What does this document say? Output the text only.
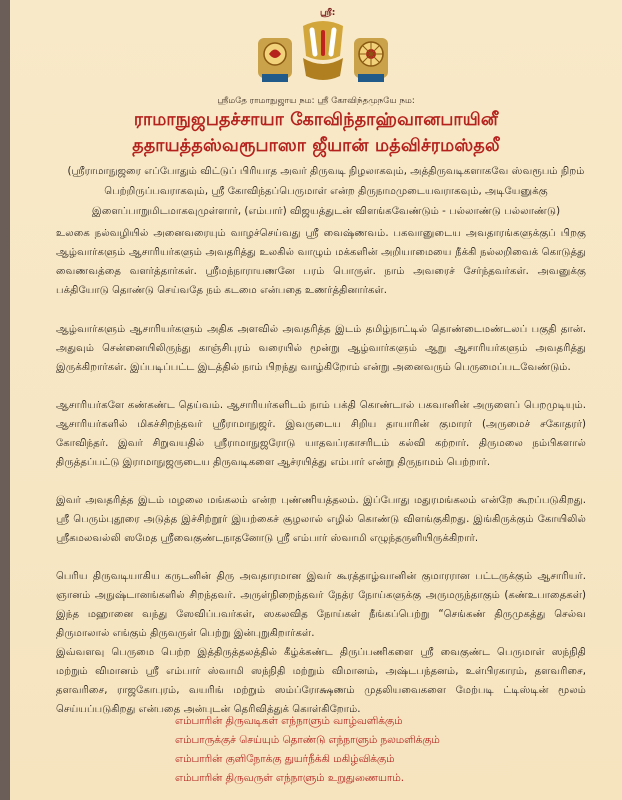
ஸ்ரீ:
ஸ்ரீமதே ராமாநுஜாய நம: ஸ்ரீ கோவிந்தமுநயே நம:
ராமாநுஜபதச்சாயா கோவிந்தாஹ்வானபாயினீ
ததாயத்தஸ்வரூபாஸா ஜீயான் மத்விச்ரமஸ்தலீ
(ஸ்ரீராமாநுஜரை எப்போதும் விட்டுப் பிரியாத அவர் திருவடி நிழலாகவும், அத்திருவடிகளாகவே ஸ்வரூபம் நிறம் பெற்றிருப்பவராகவும், ஸ்ரீ கோவிந்தப்பெருமாள் என்ற திருநாமமுடையவராகவும், அடியேனுக்கு இளைப்பாறுமிடமாகவுமுள்ளார், (எம்பார்) விஜயத்துடன் விளங்கவேண்டும் - பல்லாண்டு பல்லாண்டு)
உலகை நல்வழியில் அனைவரையும் வாழச்செய்வது ஸ்ரீ வைஷ்ணவம். பகவானுடைய அவதாரங்களுக்குப் பிறகு ஆழ்வார்களும் ஆசாரியர்களும் அவதரித்து உலகில் வாழும் மக்களின் அறியாமையை நீக்கி நல்லறிவைக் கொடுத்து வைணவத்தை வளர்த்தார்கள். ஸ்ரீமந்நாராயணனே பரம் பொருள். நாம் அவரைச் சேர்ந்தவர்கள். அவனுக்கு பக்தியோடு தொண்டு செய்வதே நம் கடமை என்பதை உணர்த்தினார்கள்.
ஆழ்வார்களும் ஆசாரியர்களும் அதிக அளவில் அவதரித்த இடம் தமிழ்நாட்டில் தொண்டைமண்டலப் பகுதி தான். அதுவும் சென்னையிலிருந்து காஞ்சிபுரம் வரையில் மூன்று ஆழ்வார்களும் ஆறு ஆசாரியர்களும் அவதரித்து இருக்கிறார்கள். இப்படிப்பட்ட இடத்தில் நாம் பிறந்து வாழ்கிறோம் என்று அனைவரும் பெருமைப்படவேண்டும்.
ஆசாரியர்களே கண்கண்ட தெய்வம். ஆசாரியர்களிடம் நாம் பக்தி கொண்டால் பகவானின் அருளைப் பெறமுடியும். ஆசாரியர்களில் மிகச்சிறந்தவர் ஸ்ரீராமாநுஜர். இவருடைய சிறிய தாயாரின் குமாரர் (அருமைச் சகோதரர்) கோவிந்தர். இவர் சிறுவயதில் ஸ்ரீராமாநுஜரோடு யாதவப்ரகாசரிடம் கல்வி கற்றார். திருமலை நம்பிகளால் திருத்தப்பட்டு இராமாநுஜருடைய திருவடிகளை ஆச்ரயித்து எம்பார் என்று திருநாமம் பெற்றார்.
இவர் அவதரித்த இடம் மழலை மங்கலம் என்ற புண்ணியத்தலம். இப்போது மதுரமங்கலம் என்றே கூறப்படுகிறது. ஸ்ரீ பெரும்புதூரை அடுத்த இச்சிற்றூர் இயற்கைச் சூழலால் எழில் கொண்டு விளங்குகிறது. இங்கிருக்கும் கோயிலில் ஸ்ரீகமலவல்லி ஸமேத ஸ்ரீவைகுண்டநாதனோடு ஸ்ரீ எம்பார் ஸ்வாமி எழுந்தருளியிருக்கிறார்.
பெரிய திருவடியாகிய கருடனின் திரு அவதாரமான இவர் கூரத்தாழ்வானின் குமாரரான பட்டருக்கும் ஆசாரியர். ஞானம் அநுஷ்டானங்களில் சிறந்தவர். அருள்நிறைந்தவர் நேத்ர நோய்களுக்கு அருமருந்தாகும் (கண்உபாதைகள்) இந்த மஹானை வந்து ஸேவிப்பவர்கள், ஸகலவித நோய்கள் நீங்கப்பெற்று “செங்கண் திருமுகத்து செல்வ திருமாலால் எங்கும் திருவருள் பெற்று இன்புறுகிறார்கள்.
இவ்வளவு பெருமை பெற்ற இத்திருத்தலத்தில் கீழ்க்கண்ட திருப்பணிகளை ஸ்ரீ வைகுண்ட பெருமாள் ஸந்நிதி மற்றும் விமானம் ஸ்ரீ எம்பார் ஸ்வாமி ஸந்நிதி மற்றும் விமானம், அஷ்டபந்தனம், உள்பிரகாரம், தளவரிசை, தளவரிசை, ராஜகோபுரம், வயரிங் மற்றும் ஸம்ப்ரோக்ஷணம் முதலியவைகளை மேற்படி ட்டிஸ்டின் மூலம் செய்யப்படுகிறது என்பதை அன்புடன் தெரிவித்துக் கொள்கிறோம்.
எம்பாரின் திருவடிகள் எந்நாளும் வாழ்வளிக்கும்
எம்பாருக்குச் செய்யும் தொண்டு எந்நாளும் நலமளிக்கும்
எம்பாரின் குளிநோக்கு துயர்நீக்கி மகிழ்விக்கும்
எம்பாரின் திருவருள் எந்நாளும் உறுதுணையாம்.
